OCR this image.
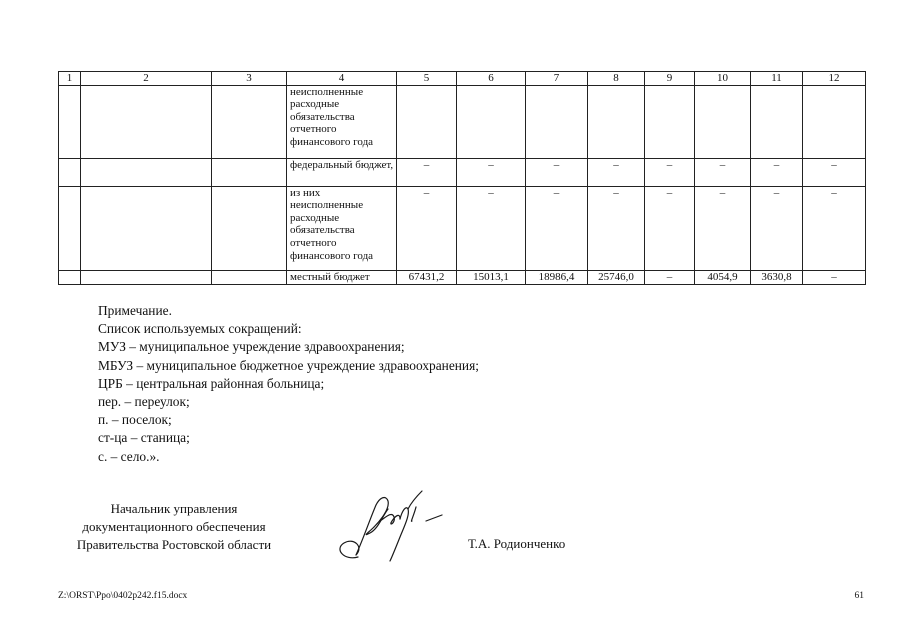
1	2	3	4	5	6	7	8	9	10	11	12
			неисполненные расходные обязательства отчетного финансового года								
			федеральный бюджет,	–	–	–	–	–	–	–	–
			из них неисполненные расходные обязательства отчетного финансового года	–	–	–	–	–	–	–	–
			местный бюджет	67431,2	15013,1	18986,4	25746,0	–	4054,9	3630,8	–
Примечание.
Список используемых сокращений:
МУЗ – муниципальное учреждение здравоохранения;
МБУЗ – муниципальное бюджетное учреждение здравоохранения;
ЦРБ – центральная районная больница;
пер. – переулок;
п. – поселок;
ст-ца – станица;
с. – село.».
Начальник управления
документационного обеспечения
Правительства Ростовской области	Т.А. Родионченко
Z:\ORST\Ppo\0402p242.f15.docx	61
